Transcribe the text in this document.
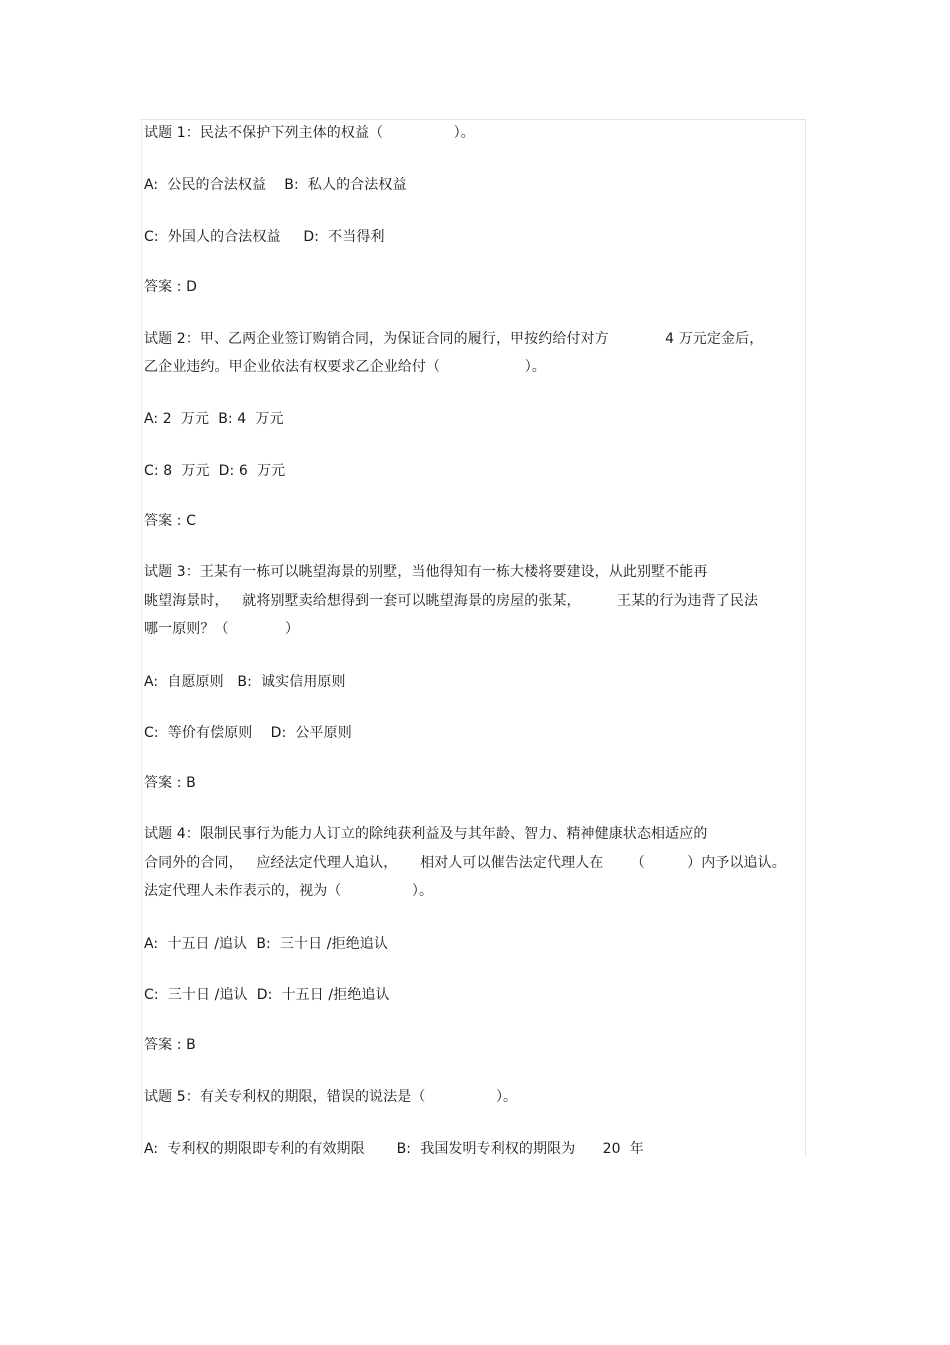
试题 1：民法不保护下列主体的权益（　　　　　）。
A:  公民的合法权益    B:  私人的合法权益
C:  外国人的合法权益     D:  不当得利
答案 : D
试题 2：甲、乙两企业签订购销合同，为保证合同的履行，甲按约给付对方　　　　4 万元定金后，
乙企业违约。甲企业依法有权要求乙企业给付（　　　　　　）。
A: 2  万元  B: 4  万元
C: 8  万元  D: 6  万元
答案 : C
试题 3：王某有一栋可以眺望海景的别墅，当他得知有一栋大楼将要建设，从此别墅不能再
眺望海景时，   就将别墅卖给想得到一套可以眺望海景的房屋的张某，        王某的行为违背了民法
哪一原则？（　　　　）
A:  自愿原则   B:  诚实信用原则
C:  等价有偿原则    D:  公平原则
答案 : B
试题 4：限制民事行为能力人订立的除纯获利益及与其年龄、智力、精神健康状态相适应的
合同外的合同，   应经法定代理人追认，     相对人可以催告法定代理人在      （　　　）内予以追认。
法定代理人未作表示的，视为（　　　　　）。
A:  十五日 /追认  B:  三十日 /拒绝追认
C:  三十日 /追认  D:  十五日 /拒绝追认
答案 : B
试题 5：有关专利权的期限，错误的说法是（　　　　　）。
A:  专利权的期限即专利的有效期限       B:  我国发明专利权的期限为      20  年
